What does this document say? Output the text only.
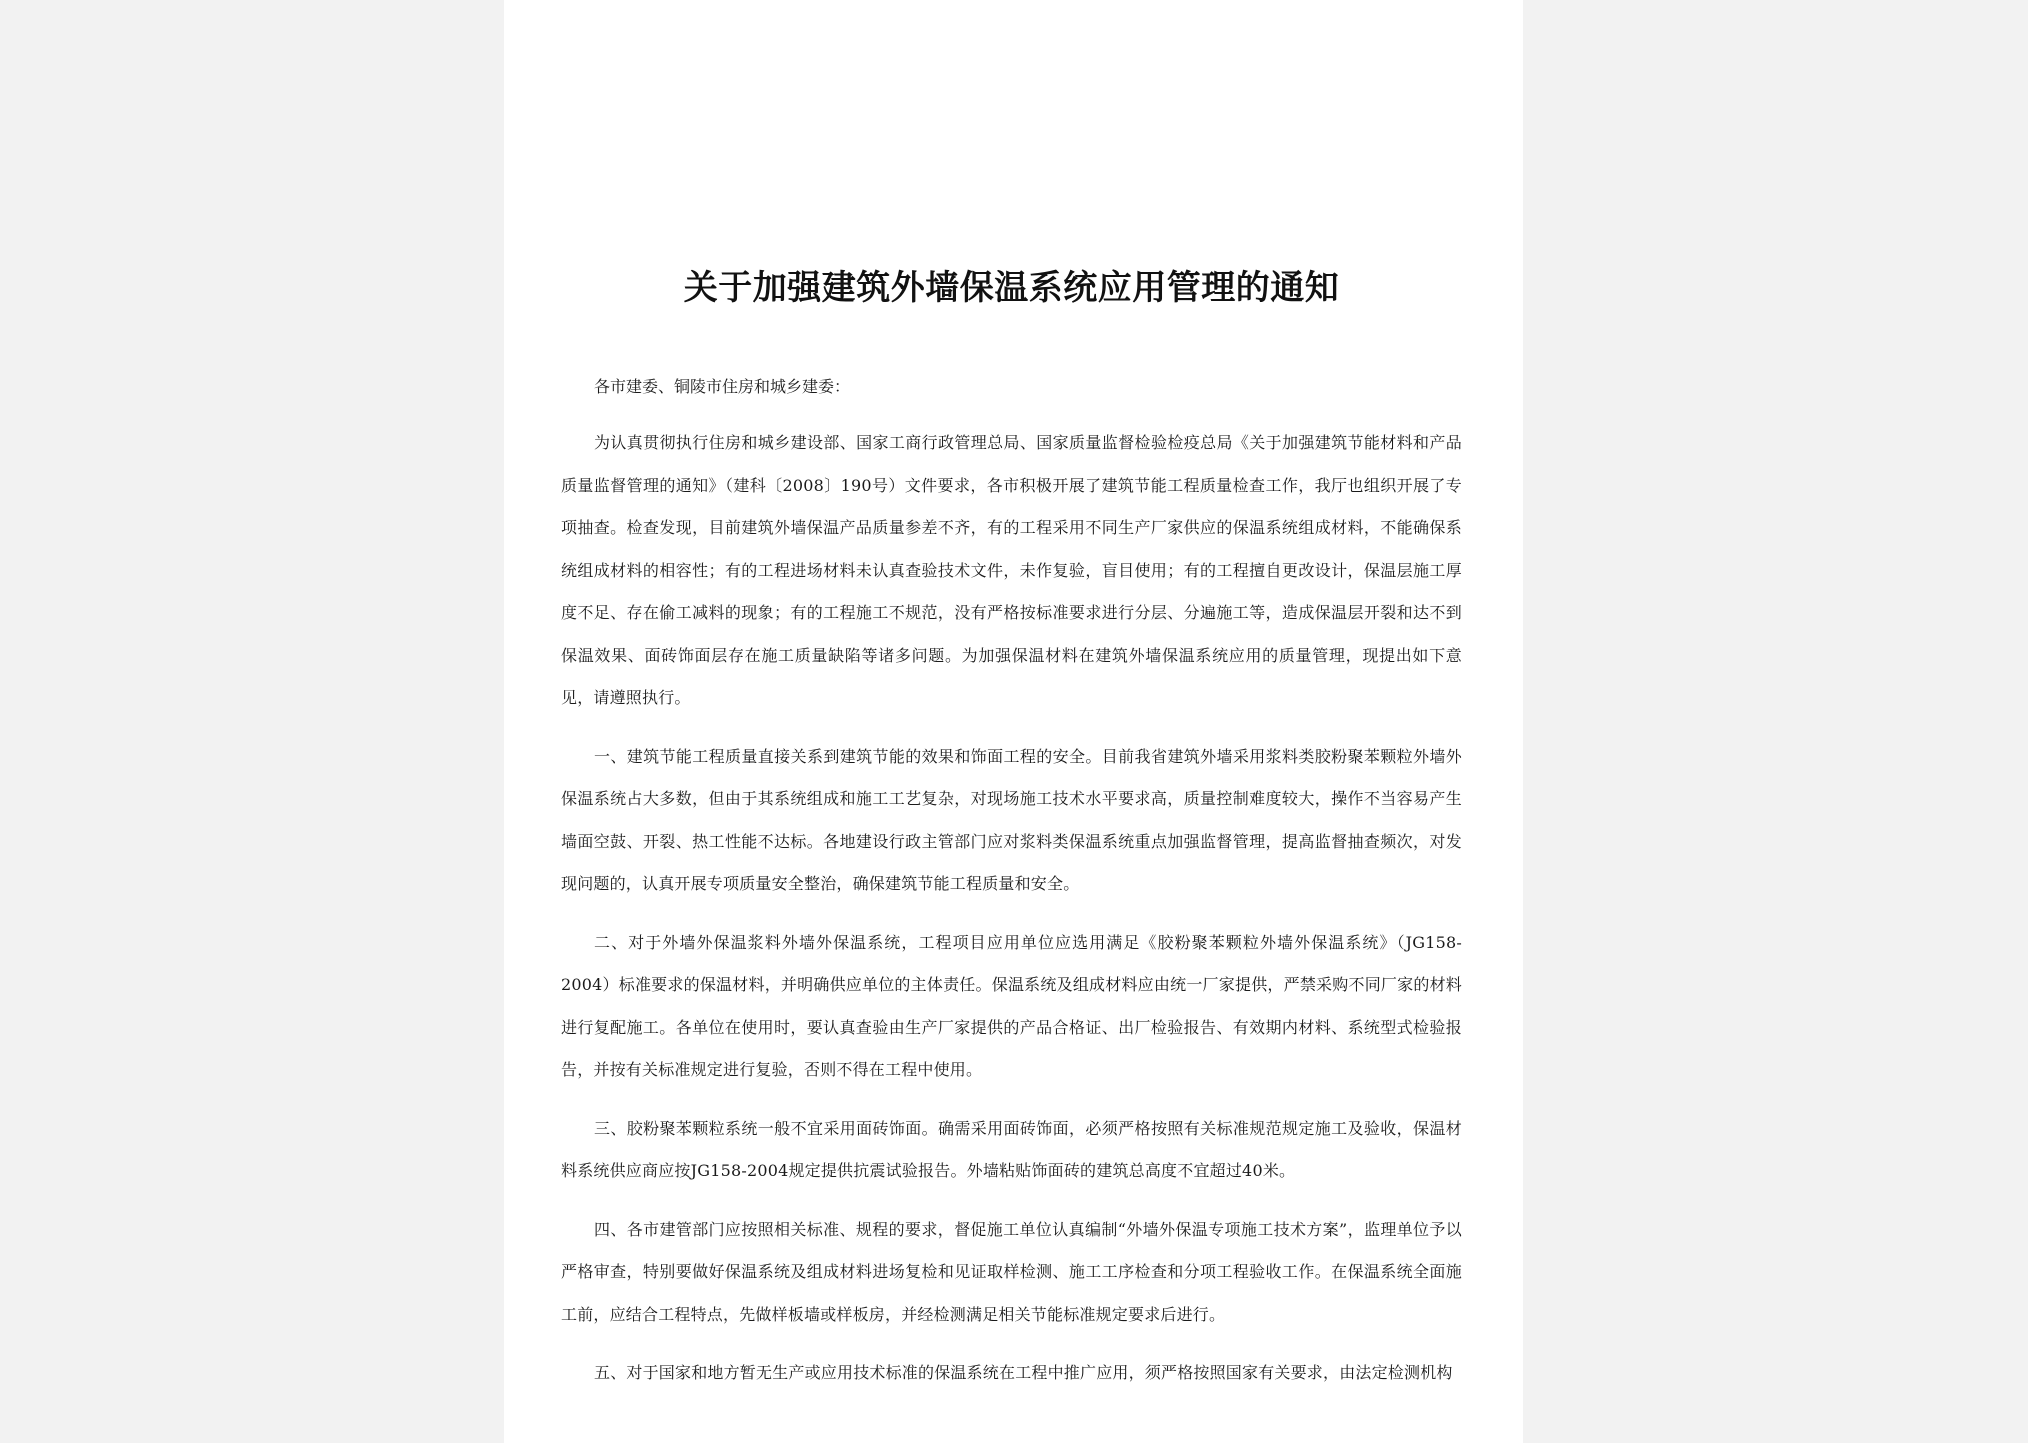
关于加强建筑外墙保温系统应用管理的通知

各市建委、铜陵市住房和城乡建委：

为认真贯彻执行住房和城乡建设部、国家工商行政管理总局、国家质量监督检验检疫总局《关于加强建筑节能材料和产品质量监督管理的通知》（建科〔2008〕190号）文件要求，各市积极开展了建筑节能工程质量检查工作，我厅也组织开展了专项抽查。检查发现，目前建筑外墙保温产品质量参差不齐，有的工程采用不同生产厂家供应的保温系统组成材料，不能确保系统组成材料的相容性；有的工程进场材料未认真查验技术文件，未作复验，盲目使用；有的工程擅自更改设计，保温层施工厚度不足、存在偷工减料的现象；有的工程施工不规范，没有严格按标准要求进行分层、分遍施工等，造成保温层开裂和达不到保温效果、面砖饰面层存在施工质量缺陷等诸多问题。为加强保温材料在建筑外墙保温系统应用的质量管理，现提出如下意见，请遵照执行。

一、建筑节能工程质量直接关系到建筑节能的效果和饰面工程的安全。目前我省建筑外墙采用浆料类胶粉聚苯颗粒外墙外保温系统占大多数，但由于其系统组成和施工工艺复杂，对现场施工技术水平要求高，质量控制难度较大，操作不当容易产生墙面空鼓、开裂、热工性能不达标。各地建设行政主管部门应对浆料类保温系统重点加强监督管理，提高监督抽查频次，对发现问题的，认真开展专项质量安全整治，确保建筑节能工程质量和安全。

二、对于外墙外保温浆料外墙外保温系统，工程项目应用单位应选用满足《胶粉聚苯颗粒外墙外保温系统》（JG158-2004）标准要求的保温材料，并明确供应单位的主体责任。保温系统及组成材料应由统一厂家提供，严禁采购不同厂家的材料进行复配施工。各单位在使用时，要认真查验由生产厂家提供的产品合格证、出厂检验报告、有效期内材料、系统型式检验报告，并按有关标准规定进行复验，否则不得在工程中使用。

三、胶粉聚苯颗粒系统一般不宜采用面砖饰面。确需采用面砖饰面，必须严格按照有关标准规范规定施工及验收，保温材料系统供应商应按JG158-2004规定提供抗震试验报告。外墙粘贴饰面砖的建筑总高度不宜超过40米。

四、各市建管部门应按照相关标准、规程的要求，督促施工单位认真编制“外墙外保温专项施工技术方案”，监理单位予以严格审查，特别要做好保温系统及组成材料进场复检和见证取样检测、施工工序检查和分项工程验收工作。在保温系统全面施工前，应结合工程特点，先做样板墙或样板房，并经检测满足相关节能标准规定要求后进行。

五、对于国家和地方暂无生产或应用技术标准的保温系统在工程中推广应用，须严格按照国家有关要求，由法定检测机构
